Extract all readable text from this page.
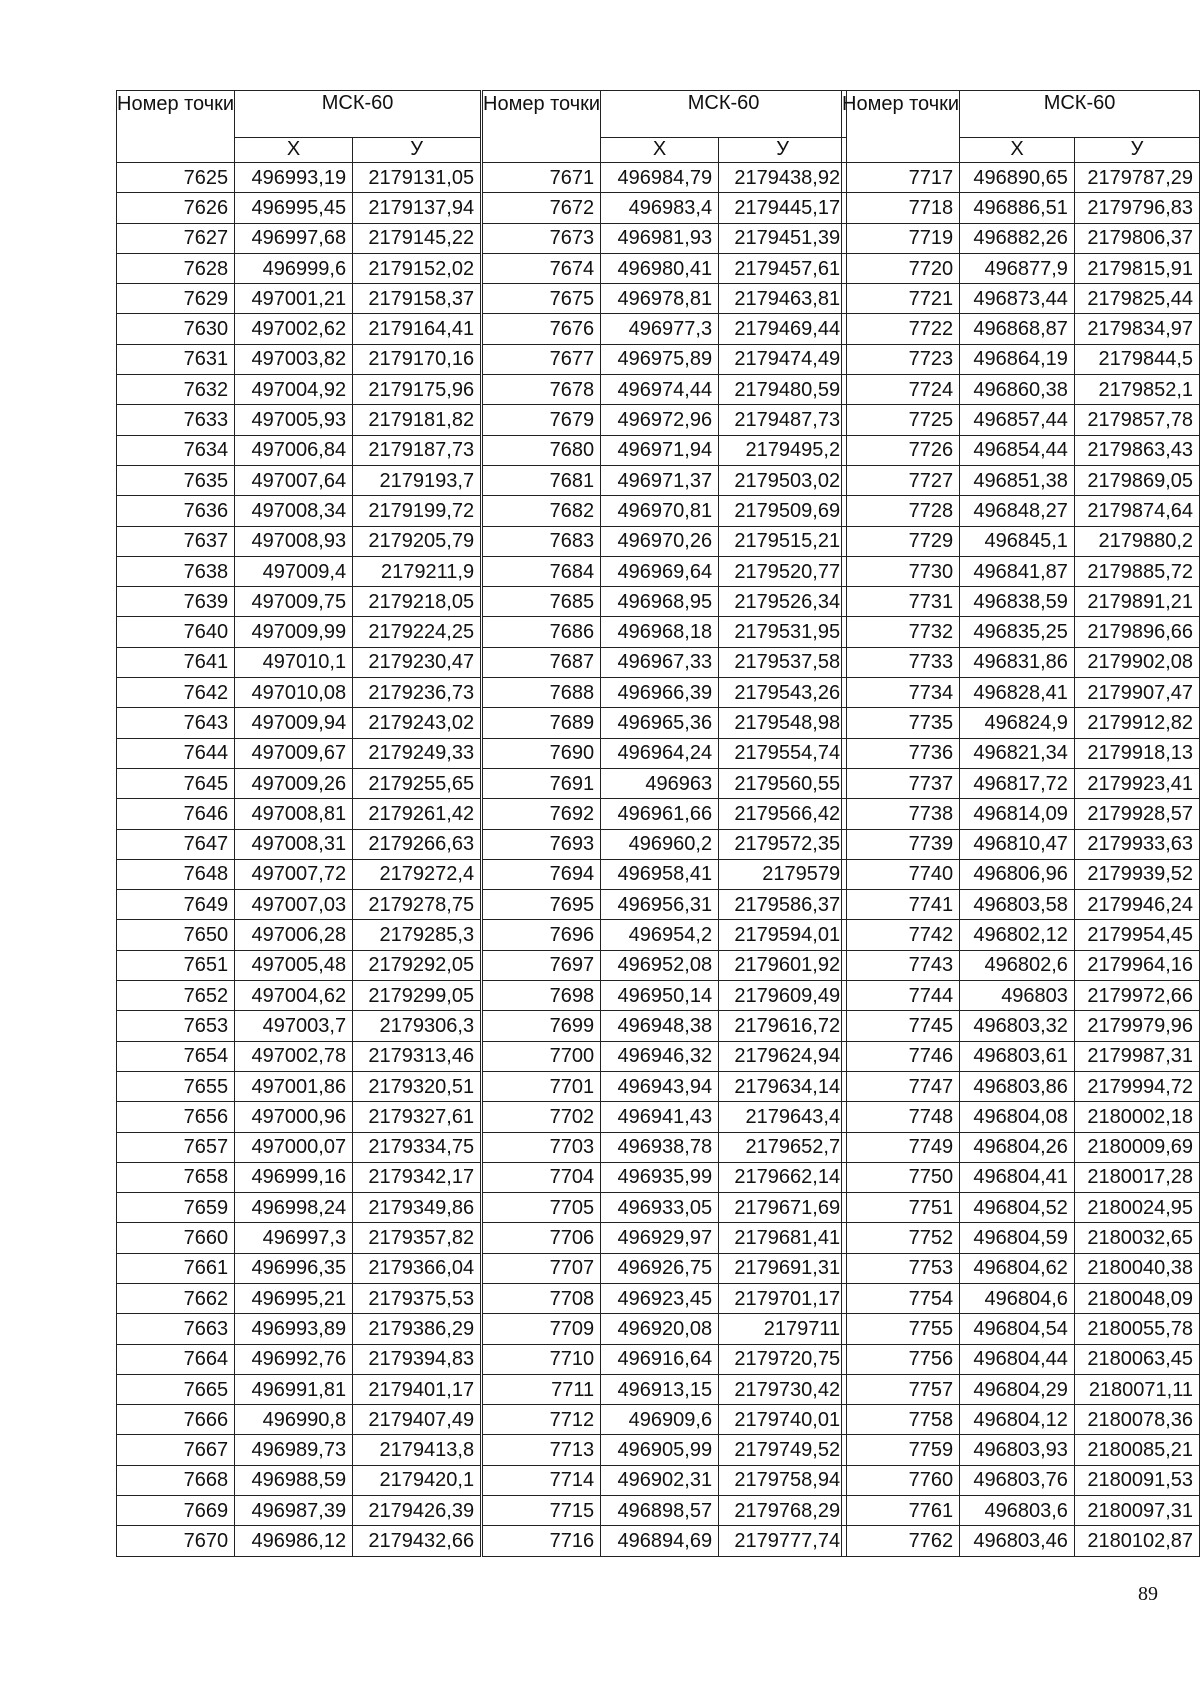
Номер точки	МСК-60	
	Х	У
7625	496993,19	2179131,05
7626	496995,45	2179137,94
7627	496997,68	2179145,22
7628	496999,6	2179152,02
7629	497001,21	2179158,37
7630	497002,62	2179164,41
7631	497003,82	2179170,16
7632	497004,92	2179175,96
7633	497005,93	2179181,82
7634	497006,84	2179187,73
7635	497007,64	2179193,7
7636	497008,34	2179199,72
7637	497008,93	2179205,79
7638	497009,4	2179211,9
7639	497009,75	2179218,05
7640	497009,99	2179224,25
7641	497010,1	2179230,47
7642	497010,08	2179236,73
7643	497009,94	2179243,02
7644	497009,67	2179249,33
7645	497009,26	2179255,65
7646	497008,81	2179261,42
7647	497008,31	2179266,63
7648	497007,72	2179272,4
7649	497007,03	2179278,75
7650	497006,28	2179285,3
7651	497005,48	2179292,05
7652	497004,62	2179299,05
7653	497003,7	2179306,3
7654	497002,78	2179313,46
7655	497001,86	2179320,51
7656	497000,96	2179327,61
7657	497000,07	2179334,75
7658	496999,16	2179342,17
7659	496998,24	2179349,86
7660	496997,3	2179357,82
7661	496996,35	2179366,04
7662	496995,21	2179375,53
7663	496993,89	2179386,29
7664	496992,76	2179394,83
7665	496991,81	2179401,17
7666	496990,8	2179407,49
7667	496989,73	2179413,8
7668	496988,59	2179420,1
7669	496987,39	2179426,39
7670	496986,12	2179432,66
Номер точки	МСК-60	
	Х	У
7671	496984,79	2179438,92
7672	496983,4	2179445,17
7673	496981,93	2179451,39
7674	496980,41	2179457,61
7675	496978,81	2179463,81
7676	496977,3	2179469,44
7677	496975,89	2179474,49
7678	496974,44	2179480,59
7679	496972,96	2179487,73
7680	496971,94	2179495,2
7681	496971,37	2179503,02
7682	496970,81	2179509,69
7683	496970,26	2179515,21
7684	496969,64	2179520,77
7685	496968,95	2179526,34
7686	496968,18	2179531,95
7687	496967,33	2179537,58
7688	496966,39	2179543,26
7689	496965,36	2179548,98
7690	496964,24	2179554,74
7691	496963	2179560,55
7692	496961,66	2179566,42
7693	496960,2	2179572,35
7694	496958,41	2179579
7695	496956,31	2179586,37
7696	496954,2	2179594,01
7697	496952,08	2179601,92
7698	496950,14	2179609,49
7699	496948,38	2179616,72
7700	496946,32	2179624,94
7701	496943,94	2179634,14
7702	496941,43	2179643,4
7703	496938,78	2179652,7
7704	496935,99	2179662,14
7705	496933,05	2179671,69
7706	496929,97	2179681,41
7707	496926,75	2179691,31
7708	496923,45	2179701,17
7709	496920,08	2179711
7710	496916,64	2179720,75
7711	496913,15	2179730,42
7712	496909,6	2179740,01
7713	496905,99	2179749,52
7714	496902,31	2179758,94
7715	496898,57	2179768,29
7716	496894,69	2179777,74
Номер точки	МСК-60	
	Х	У
7717	496890,65	2179787,29
7718	496886,51	2179796,83
7719	496882,26	2179806,37
7720	496877,9	2179815,91
7721	496873,44	2179825,44
7722	496868,87	2179834,97
7723	496864,19	2179844,5
7724	496860,38	2179852,1
7725	496857,44	2179857,78
7726	496854,44	2179863,43
7727	496851,38	2179869,05
7728	496848,27	2179874,64
7729	496845,1	2179880,2
7730	496841,87	2179885,72
7731	496838,59	2179891,21
7732	496835,25	2179896,66
7733	496831,86	2179902,08
7734	496828,41	2179907,47
7735	496824,9	2179912,82
7736	496821,34	2179918,13
7737	496817,72	2179923,41
7738	496814,09	2179928,57
7739	496810,47	2179933,63
7740	496806,96	2179939,52
7741	496803,58	2179946,24
7742	496802,12	2179954,45
7743	496802,6	2179964,16
7744	496803	2179972,66
7745	496803,32	2179979,96
7746	496803,61	2179987,31
7747	496803,86	2179994,72
7748	496804,08	2180002,18
7749	496804,26	2180009,69
7750	496804,41	2180017,28
7751	496804,52	2180024,95
7752	496804,59	2180032,65
7753	496804,62	2180040,38
7754	496804,6	2180048,09
7755	496804,54	2180055,78
7756	496804,44	2180063,45
7757	496804,29	2180071,11
7758	496804,12	2180078,36
7759	496803,93	2180085,21
7760	496803,76	2180091,53
7761	496803,6	2180097,31
7762	496803,46	2180102,87
89
